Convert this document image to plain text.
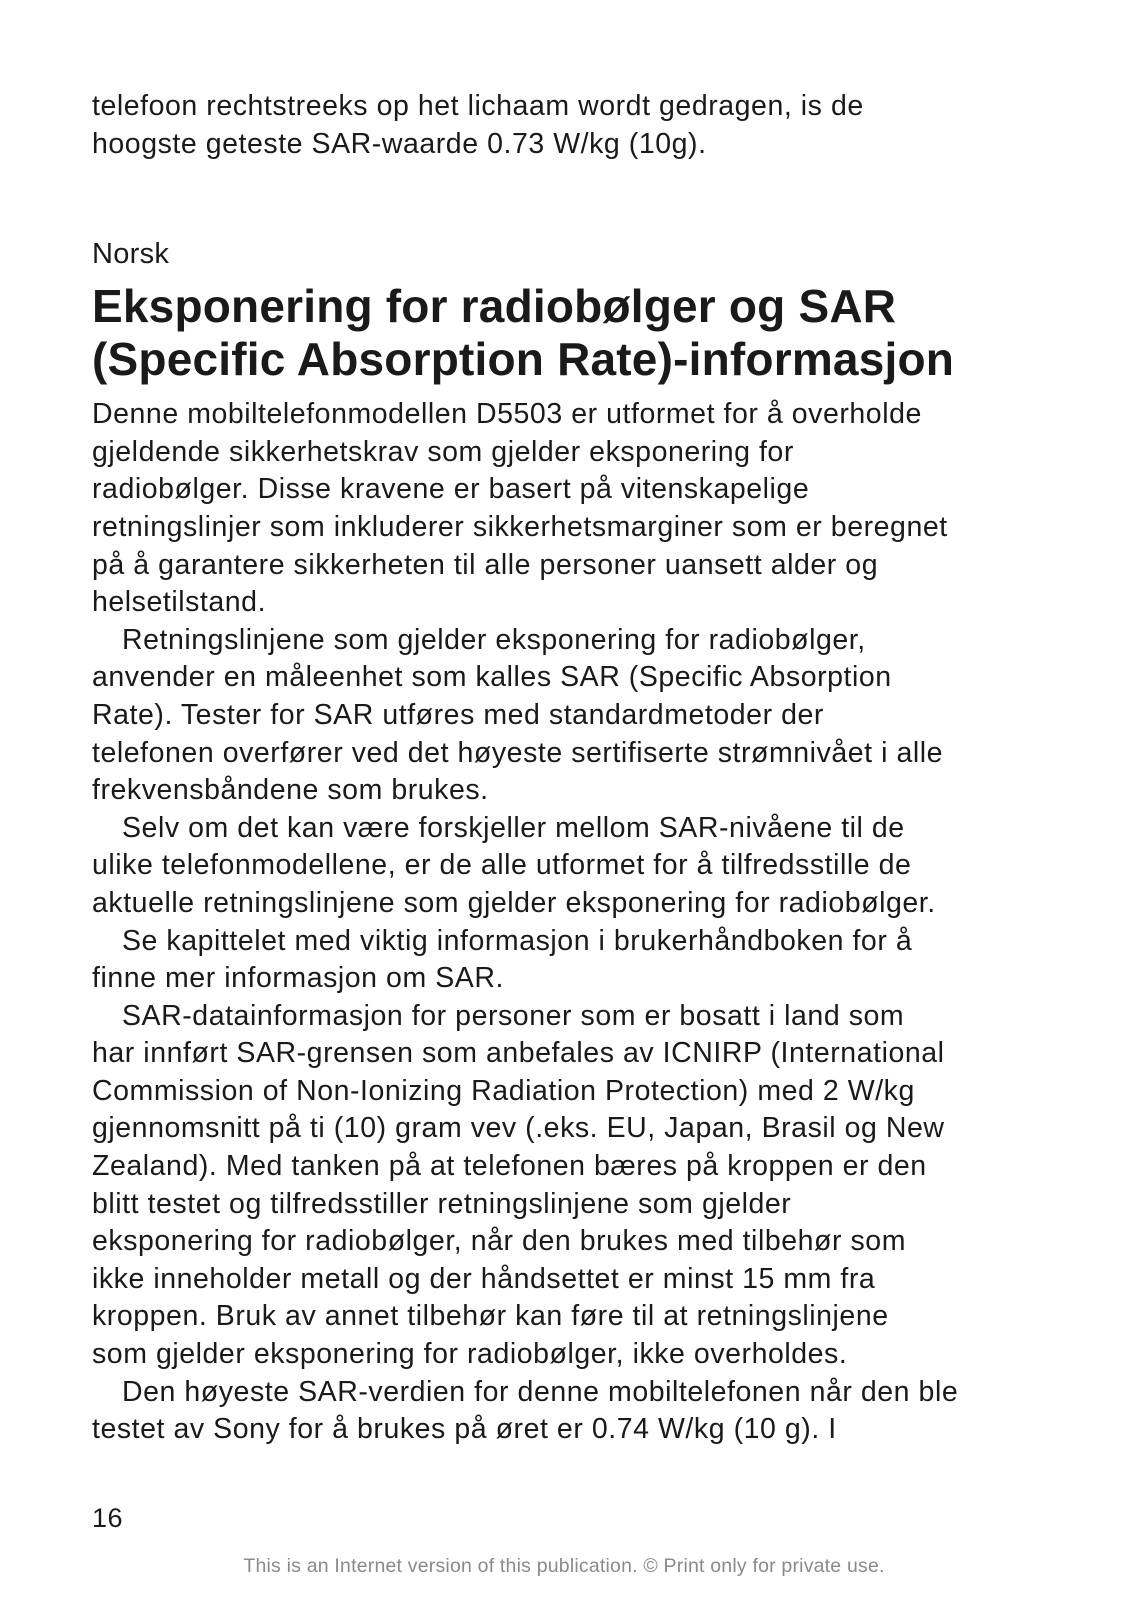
telefoon rechtstreeks op het lichaam wordt gedragen, is de
hoogste geteste SAR-waarde 0.73 W/kg (10g).
Norsk
Eksponering for radiobølger og SAR
(Specific Absorption Rate)-informasjon
Denne mobiltelefonmodellen D5503 er utformet for å overholde
gjeldende sikkerhetskrav som gjelder eksponering for
radiobølger. Disse kravene er basert på vitenskapelige
retningslinjer som inkluderer sikkerhetsmarginer som er beregnet
på å garantere sikkerheten til alle personer uansett alder og
helsetilstand.
Retningslinjene som gjelder eksponering for radiobølger,
anvender en måleenhet som kalles SAR (Specific Absorption
Rate). Tester for SAR utføres med standardmetoder der
telefonen overfører ved det høyeste sertifiserte strømnivået i alle
frekvensbåndene som brukes.
Selv om det kan være forskjeller mellom SAR-nivåene til de
ulike telefonmodellene, er de alle utformet for å tilfredsstille de
aktuelle retningslinjene som gjelder eksponering for radiobølger.
Se kapittelet med viktig informasjon i brukerhåndboken for å
finne mer informasjon om SAR.
SAR-datainformasjon for personer som er bosatt i land som
har innført SAR-grensen som anbefales av ICNIRP (International
Commission of Non-Ionizing Radiation Protection) med 2 W/kg
gjennomsnitt på ti (10) gram vev (.eks. EU, Japan, Brasil og New
Zealand). Med tanken på at telefonen bæres på kroppen er den
blitt testet og tilfredsstiller retningslinjene som gjelder
eksponering for radiobølger, når den brukes med tilbehør som
ikke inneholder metall og der håndsettet er minst 15 mm fra
kroppen. Bruk av annet tilbehør kan føre til at retningslinjene
som gjelder eksponering for radiobølger, ikke overholdes.
Den høyeste SAR-verdien for denne mobiltelefonen når den ble
testet av Sony for å brukes på øret er 0.74 W/kg (10 g). I
16
This is an Internet version of this publication. © Print only for private use.
